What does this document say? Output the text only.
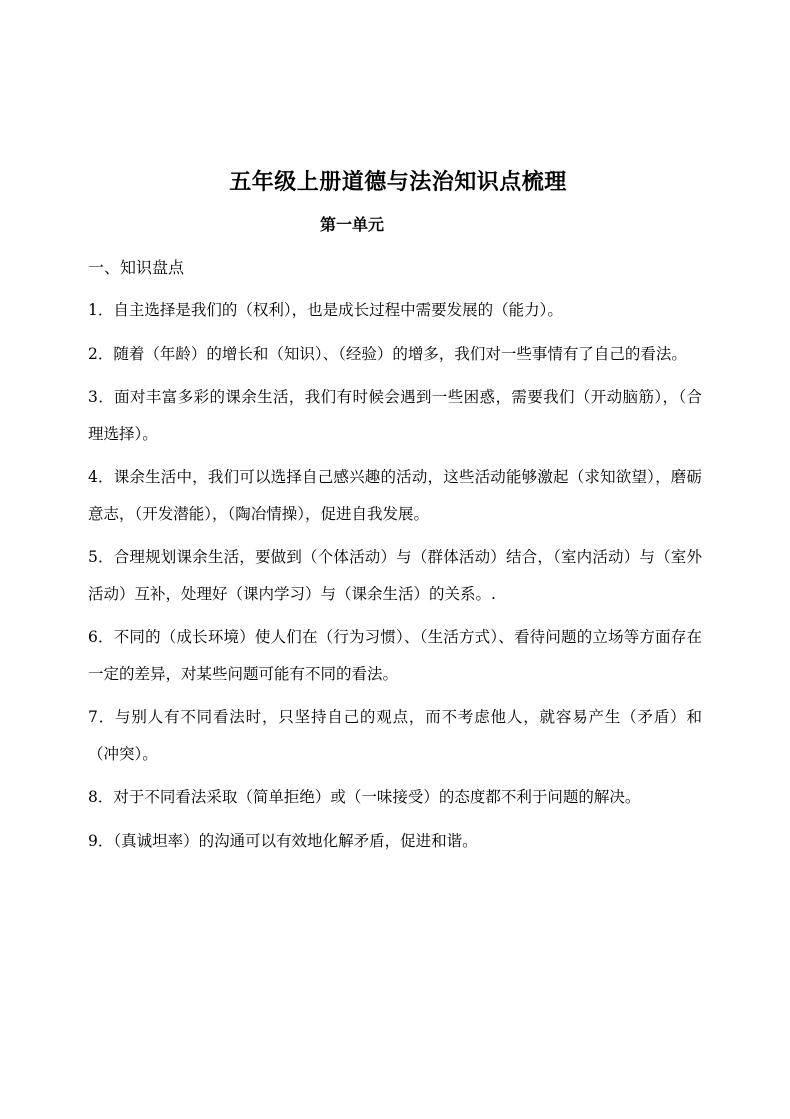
五年级上册道德与法治知识点梳理
第一单元
一、知识盘点

1．自主选择是我们的（权利），也是成长过程中需要发展的（能力）。

2．随着（年龄）的增长和（知识）、（经验）的增多，我们对一些事情有了自己的看法。

3．面对丰富多彩的课余生活，我们有时候会遇到一些困惑，需要我们（开动脑筋），（合理选择）。

4．课余生活中，我们可以选择自己感兴趣的活动，这些活动能够激起（求知欲望），磨砺意志，（开发潜能），（陶冶情操），促进自我发展。

5．合理规划课余生活，要做到（个体活动）与（群体活动）结合，（室内活动）与（室外活动）互补，处理好（课内学习）与（课余生活）的关系。.

6．不同的（成长环境）使人们在（行为习惯）、（生活方式）、看待问题的立场等方面存在一定的差异，对某些问题可能有不同的看法。

7．与别人有不同看法时，只坚持自己的观点，而不考虑他人，就容易产生（矛盾）和（冲突）。

8．对于不同看法采取（简单拒绝）或（一味接受）的态度都不利于问题的解决。

9．（真诚坦率）的沟通可以有效地化解矛盾，促进和谐。
